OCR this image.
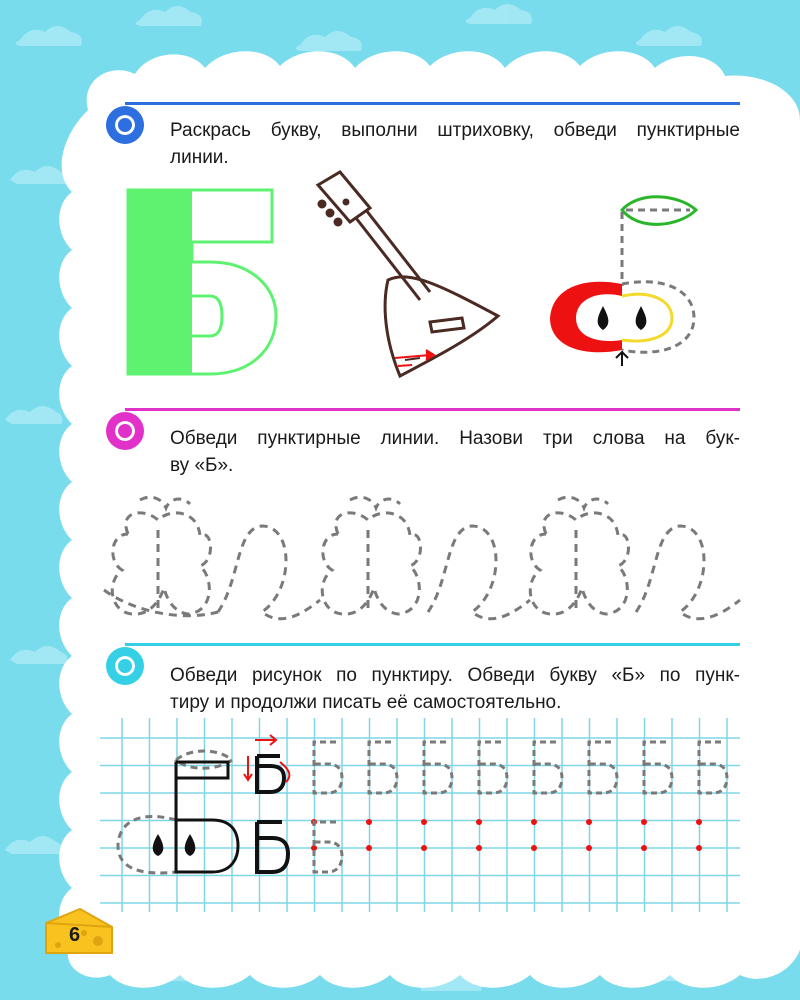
Раскрась букву, выполни штриховку, обведи пунктирные
линии.
Обведи пунктирные линии. Назови три слова на бук-
ву «Б».
Обведи рисунок по пунктиру. Обведи букву «Б» по пунк-
тиру и продолжи писать её самостоятельно.
6
